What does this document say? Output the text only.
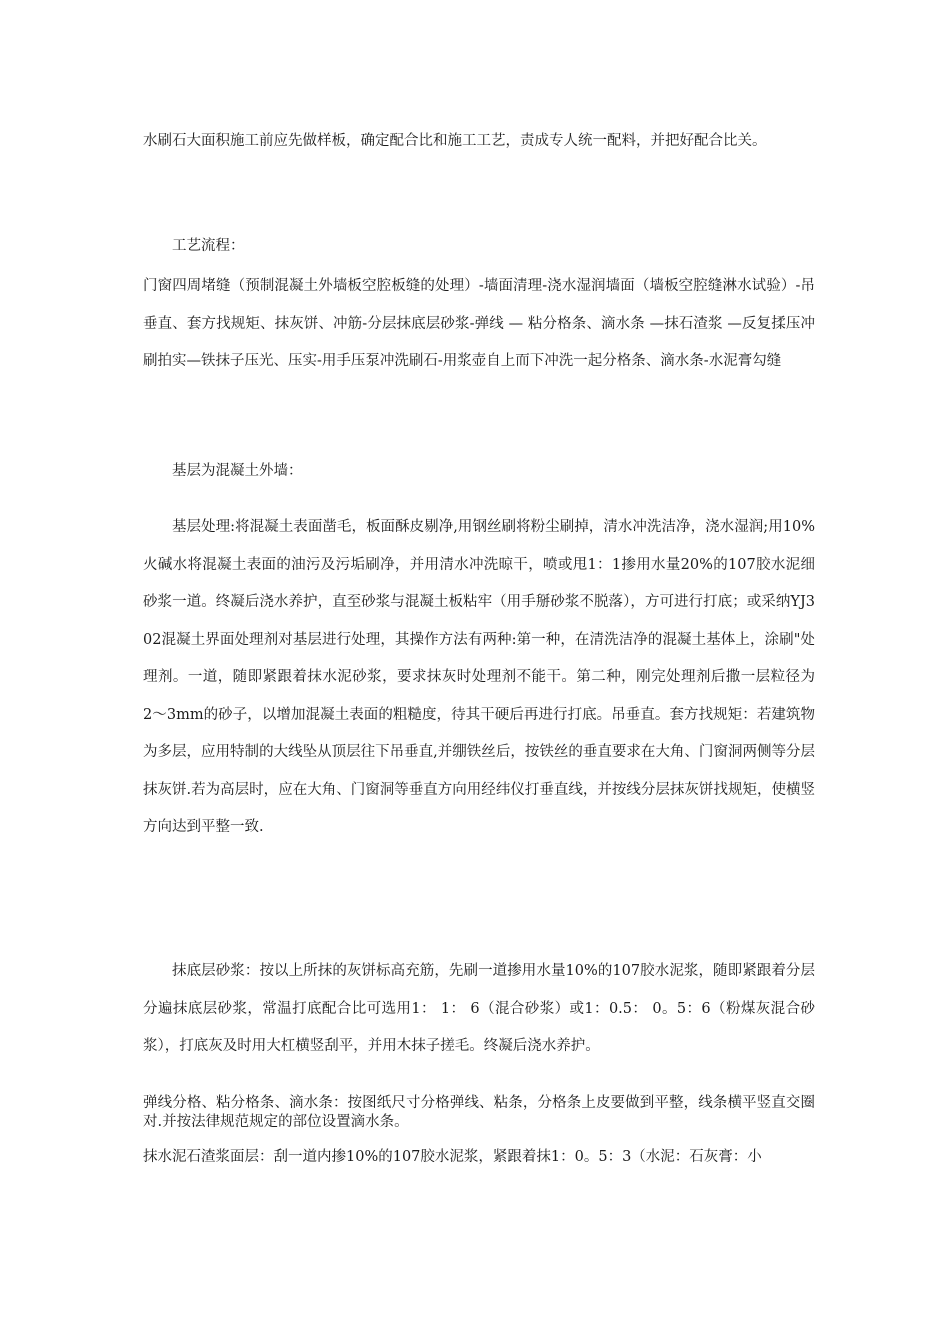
水刷石大面积施工前应先做样板，确定配合比和施工工艺，责成专人统一配料，并把好配合比关。

工艺流程：

门窗四周堵缝（预制混凝土外墙板空腔板缝的处理）-墙面清理-浇水湿润墙面（墙板空腔缝淋水试验）-吊垂直、套方找规矩、抹灰饼、冲筋-分层抹底层砂浆-弹线 — 粘分格条、滴水条 —抹石渣浆 —反复揉压冲刷拍实—铁抹子压光、压实-用手压泵冲洗刷石-用浆壶自上而下冲洗一起分格条、滴水条-水泥膏勾缝

基层为混凝土外墙：

基层处理:将混凝土表面凿毛，板面酥皮剔净,用钢丝刷将粉尘刷掉，清水冲洗洁净，浇水湿润;用10%火碱水将混凝土表面的油污及污垢刷净，并用清水冲洗晾干，喷或甩1：1掺用水量20%的107胶水泥细砂浆一道。终凝后浇水养护，直至砂浆与混凝土板粘牢（用手掰砂浆不脱落），方可进行打底；或采纳YJ302混凝土界面处理剂对基层进行处理，其操作方法有两种:第一种，在清洗洁净的混凝土基体上，涂刷"处理剂。一道，随即紧跟着抹水泥砂浆，要求抹灰时处理剂不能干。第二种，刚完处理剂后撒一层粒径为2〜3mm的砂子，以增加混凝土表面的粗糙度，待其干硬后再进行打底。吊垂直。套方找规矩：若建筑物为多层，应用特制的大线坠从顶层往下吊垂直,并绷铁丝后，按铁丝的垂直要求在大角、门窗洞两侧等分层抹灰饼.若为高层时，应在大角、门窗洞等垂直方向用经纬仪打垂直线，并按线分层抹灰饼找规矩，使横竖方向达到平整一致.

抹底层砂浆：按以上所抹的灰饼标高充筋，先刷一道掺用水量10%的107胶水泥浆，随即紧跟着分层分遍抹底层砂浆，常温打底配合比可选用1： 1： 6（混合砂浆）或1：0.5： 0。5：6（粉煤灰混合砂浆），打底灰及时用大杠横竖刮平，并用木抹子搓毛。终凝后浇水养护。

弹线分格、粘分格条、滴水条：按图纸尺寸分格弹线、粘条，分格条上皮要做到平整，线条横平竖直交圈对.并按法律规范规定的部位设置滴水条。

抹水泥石渣浆面层：刮一道内掺10%的107胶水泥浆，紧跟着抹1：0。5：3（水泥：石灰膏：小
